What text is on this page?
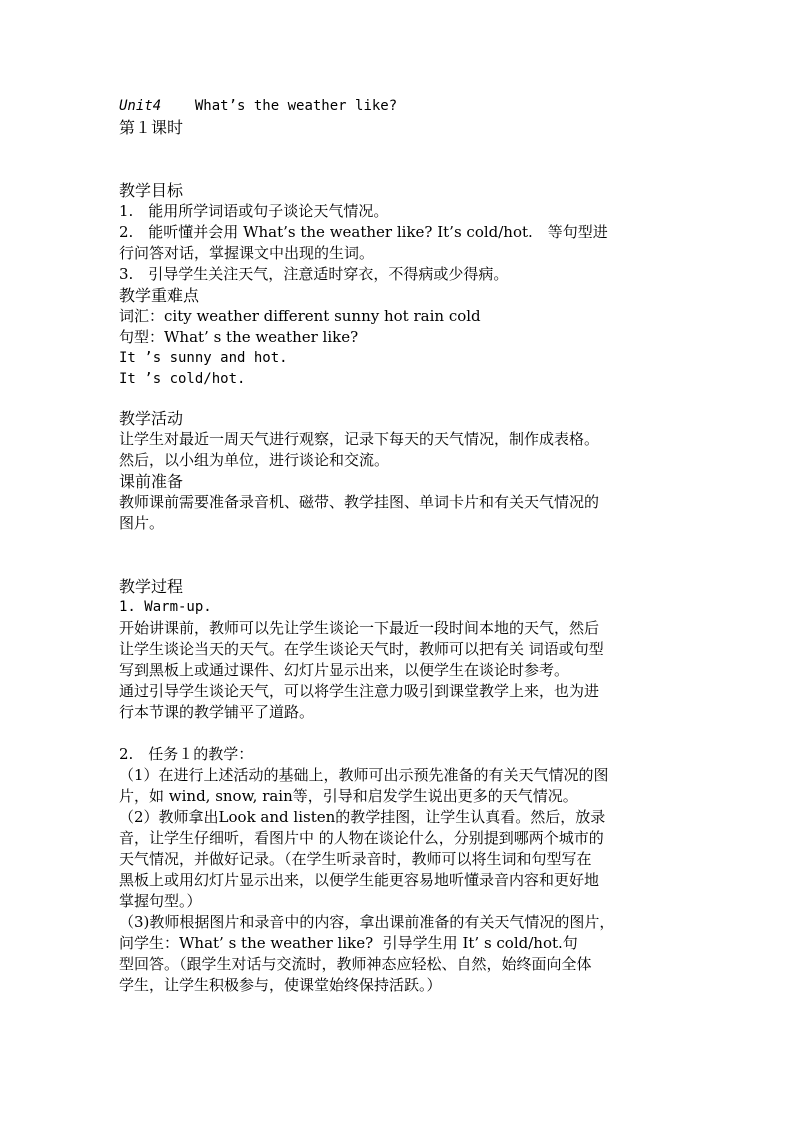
Unit4 What’s the weather like?
第１课时
教学目标
1.　能用所学词语或句子谈论天气情况。
2.　能听懂并会用 What’s the weather like? It’s cold/hot.　等句型进
行问答对话，掌握课文中出现的生词。
3.　引导学生关注天气，注意适时穿衣，不得病或少得病。
教学重难点
词汇：city weather different sunny hot rain cold
句型：What’ s the weather like?
It ’s sunny and hot.
It ’s cold/hot.
教学活动
让学生对最近一周天气进行观察，记录下每天的天气情况，制作成表格。
然后，以小组为单位，进行谈论和交流。
课前准备
教师课前需要准备录音机、磁带、教学挂图、单词卡片和有关天气情况的
图片。
教学过程
1. Warm-up.
开始讲课前，教师可以先让学生谈论一下最近一段时间本地的天气，然后
让学生谈论当天的天气。在学生谈论天气时，教师可以把有关 词语或句型
写到黑板上或通过课件、幻灯片显示出来，以便学生在谈论时参考。
通过引导学生谈论天气，可以将学生注意力吸引到课堂教学上来，也为进
行本节课的教学铺平了道路。
2.　任务１的教学：
（1）在进行上述活动的基础上，教师可出示预先准备的有关天气情况的图
片，如 wind, snow, rain等，引导和启发学生说出更多的天气情况。
（2）教师拿出Look and listen的教学挂图，让学生认真看。然后，放录
音，让学生仔细听，看图片中 的人物在谈论什么，分别提到哪两个城市的
天气情况，并做好记录。（在学生听录音时，教师可以将生词和句型写在
黑板上或用幻灯片显示出来，以便学生能更容易地听懂录音内容和更好地
掌握句型。）
（3)教师根据图片和录音中的内容，拿出课前准备的有关天气情况的图片，
问学生：What’ s the weather like?  引导学生用 It’ s cold/hot.句
型回答。（跟学生对话与交流时，教师神态应轻松、自然，始终面向全体
学生，让学生积极参与，使课堂始终保持活跃。）
